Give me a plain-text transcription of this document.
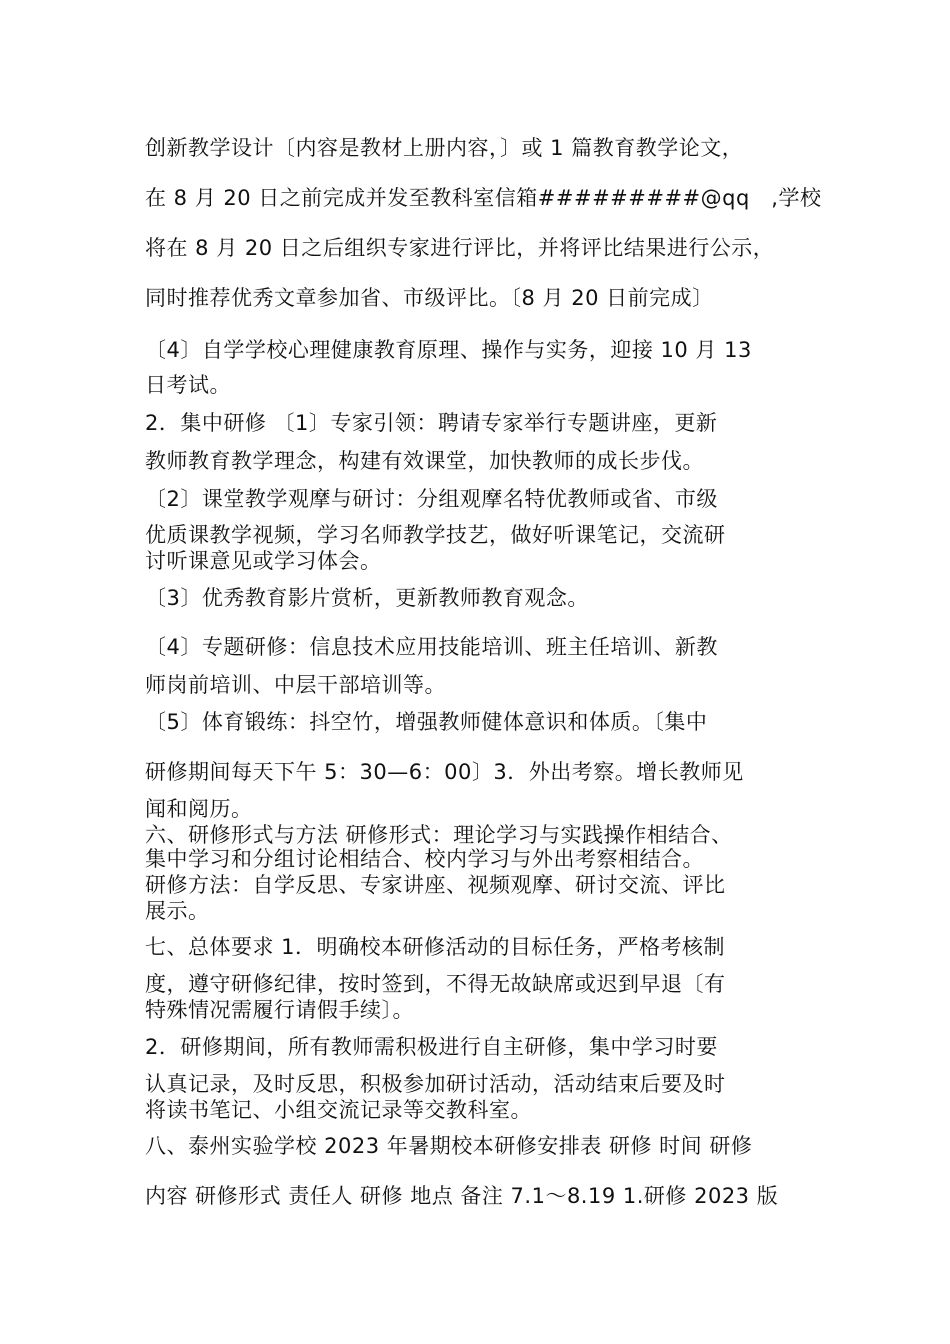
创新教学设计〔内容是教材上册内容，〕或 1 篇教育教学论文，
在 8 月 20 日之前完成并发至教科室信箱#########@qq　,学校
将在 8 月 20 日之后组织专家进行评比，并将评比结果进行公示，
同时推荐优秀文章参加省、市级评比。〔8 月 20 日前完成〕
〔4〕自学学校心理健康教育原理、操作与实务，迎接 10 月 13
日考试。
2．集中研修 〔1〕专家引领：聘请专家举行专题讲座，更新
教师教育教学理念，构建有效课堂，加快教师的成长步伐。
〔2〕课堂教学观摩与研讨：分组观摩名特优教师或省、市级
优质课教学视频，学习名师教学技艺，做好听课笔记，交流研
讨听课意见或学习体会。
〔3〕优秀教育影片赏析，更新教师教育观念。
〔4〕专题研修：信息技术应用技能培训、班主任培训、新教
师岗前培训、中层干部培训等。
〔5〕体育锻练：抖空竹，增强教师健体意识和体质。〔集中
研修期间每天下午 5：30—6：00〕3．外出考察。增长教师见
闻和阅历。
六、研修形式与方法 研修形式：理论学习与实践操作相结合、
集中学习和分组讨论相结合、校内学习与外出考察相结合。
研修方法：自学反思、专家讲座、视频观摩、研讨交流、评比
展示。
七、总体要求 1．明确校本研修活动的目标任务，严格考核制
度，遵守研修纪律，按时签到，不得无故缺席或迟到早退〔有
特殊情况需履行请假手续〕。
2．研修期间，所有教师需积极进行自主研修，集中学习时要
认真记录，及时反思，积极参加研讨活动，活动结束后要及时
将读书笔记、小组交流记录等交教科室。
八、泰州实验学校 2023 年暑期校本研修安排表 研修 时间 研修
内容 研修形式 责任人 研修 地点 备注 7.1～8.19 1.研修 2023 版
